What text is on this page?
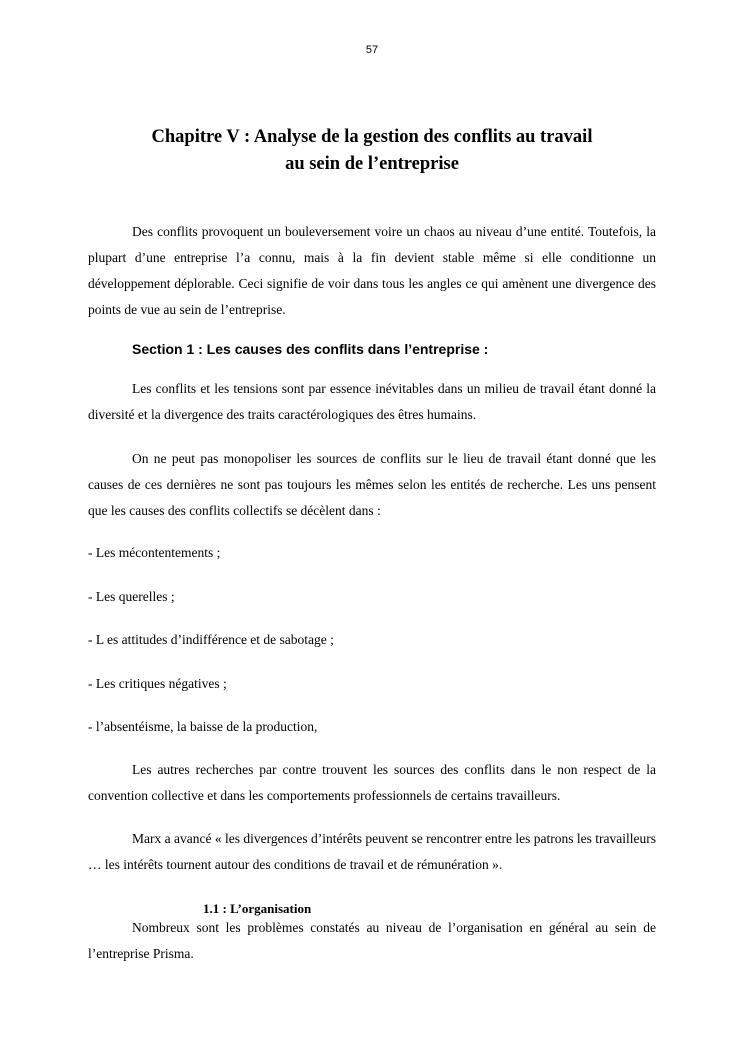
57
Chapitre V : Analyse de la gestion des conflits au travail
au sein de l’entreprise

Des conflits provoquent un bouleversement voire un chaos au niveau d’une entité. Toutefois, la plupart d’une entreprise l’a connu, mais à la fin devient stable même si elle conditionne un développement déplorable. Ceci signifie de voir dans tous les angles ce qui amènent une divergence des points de vue au sein de l’entreprise.

Section 1 : Les causes des conflits dans l’entreprise :

Les conflits et les tensions sont par essence inévitables dans un milieu de travail étant donné la diversité et la divergence des traits caractérologiques des êtres humains.

On ne peut pas monopoliser les sources de conflits sur le lieu de travail étant donné que les causes de ces dernières ne sont pas toujours les mêmes selon les entités de recherche. Les uns pensent que les causes des conflits collectifs se décèlent dans :

- Les mécontentements ;
- Les querelles ;
- L es attitudes d’indifférence et de sabotage ;
- Les critiques négatives ;
- l’absentéisme, la baisse de la production,

Les autres recherches par contre trouvent les sources des conflits dans le non respect de la convention collective et dans les comportements professionnels de certains travailleurs.

Marx a avancé « les divergences d’intérêts peuvent se rencontrer entre les patrons les travailleurs … les intérêts tournent autour des conditions de travail et de rémunération ».

1.1 : L’organisation

Nombreux sont les problèmes constatés au niveau de l’organisation en général au sein de l’entreprise Prisma.
